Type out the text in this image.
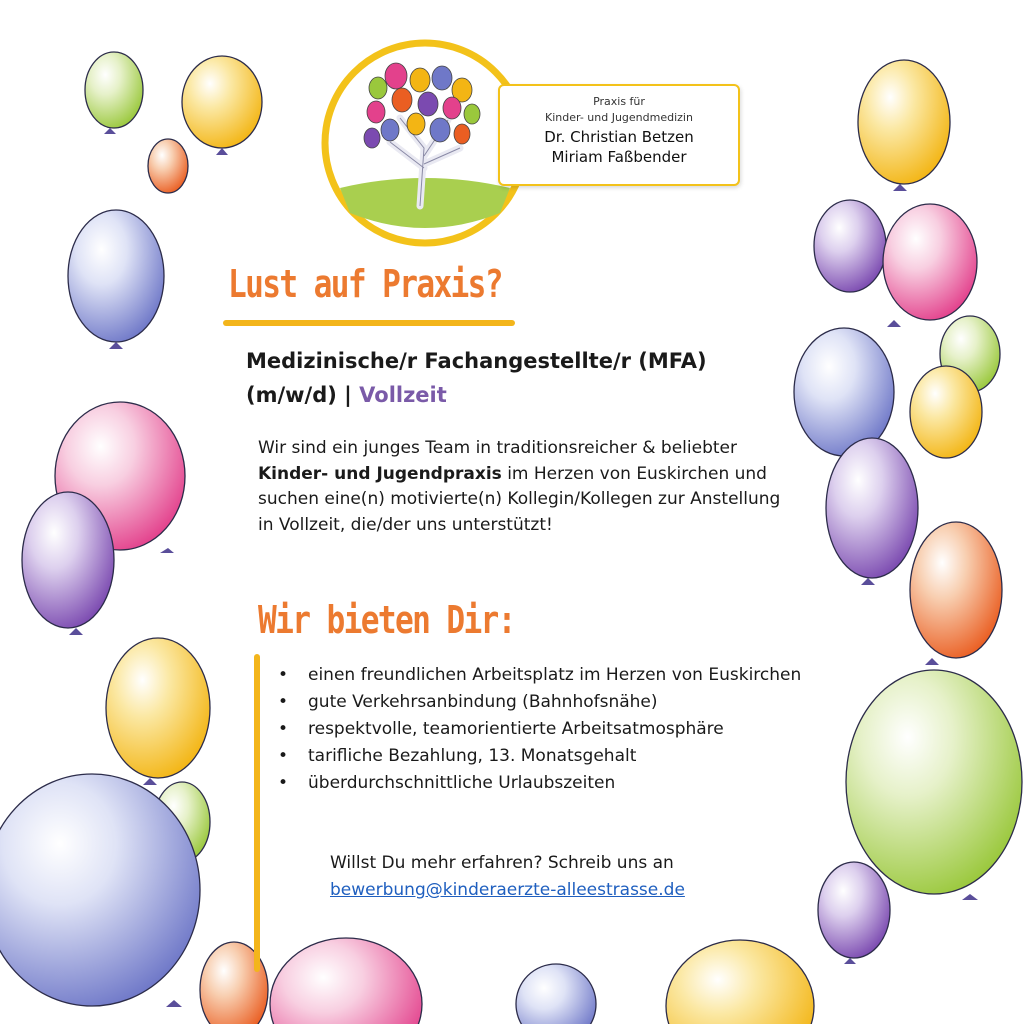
Praxis für
Kinder- und Jugendmedizin
Dr. Christian Betzen
Miriam Faßbender
Lust auf Praxis?
Medizinische/r Fachangestellte/r (MFA)
(m/w/d) | Vollzeit
Wir sind ein junges Team in traditionsreicher & beliebter Kinder- und Jugendpraxis im Herzen von Euskirchen und suchen eine(n) motivierte(n) Kollegin/Kollegen zur Anstellung in Vollzeit, die/der uns unterstützt!
Wir bieten Dir:
• einen freundlichen Arbeitsplatz im Herzen von Euskirchen
• gute Verkehrsanbindung (Bahnhofsnähe)
• respektvolle, teamorientierte Arbeitsatmosphäre
• tarifliche Bezahlung, 13. Monatsgehalt
• überdurchschnittliche Urlaubszeiten
Willst Du mehr erfahren? Schreib uns an
bewerbung@kinderaerzte-alleestrasse.de
